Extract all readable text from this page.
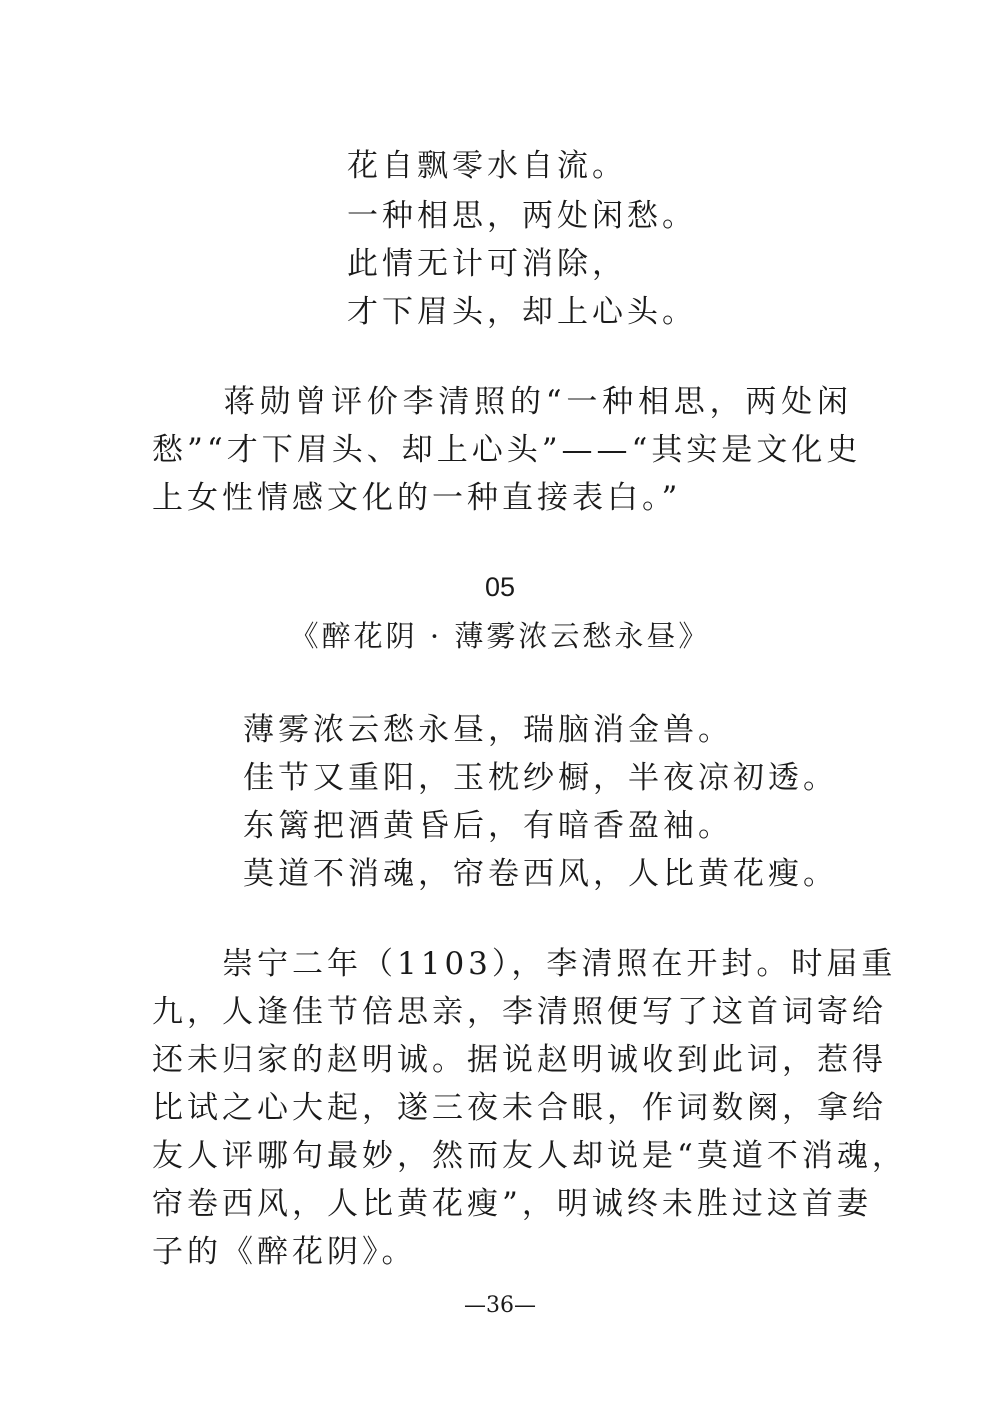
花自飘零水自流。
一种相思，两处闲愁。
此情无计可消除，
才下眉头，却上心头。
　　蒋勋曾评价李清照的“一种相思，两处闲
愁”“才下眉头、却上心头”——“其实是文化史
上女性情感文化的一种直接表白。”
05
《醉花阴 · 薄雾浓云愁永昼》
薄雾浓云愁永昼，瑞脑消金兽。
佳节又重阳，玉枕纱橱，半夜凉初透。
东篱把酒黄昏后，有暗香盈袖。
莫道不消魂，帘卷西风，人比黄花瘦。
　　崇宁二年（1103），李清照在开封。时届重
九，人逢佳节倍思亲，李清照便写了这首词寄给
还未归家的赵明诚。据说赵明诚收到此词，惹得
比试之心大起，遂三夜未合眼，作词数阕，拿给
友人评哪句最妙，然而友人却说是“莫道不消魂，
帘卷西风，人比黄花瘦”，明诚终未胜过这首妻
子的《醉花阴》。
—36—
